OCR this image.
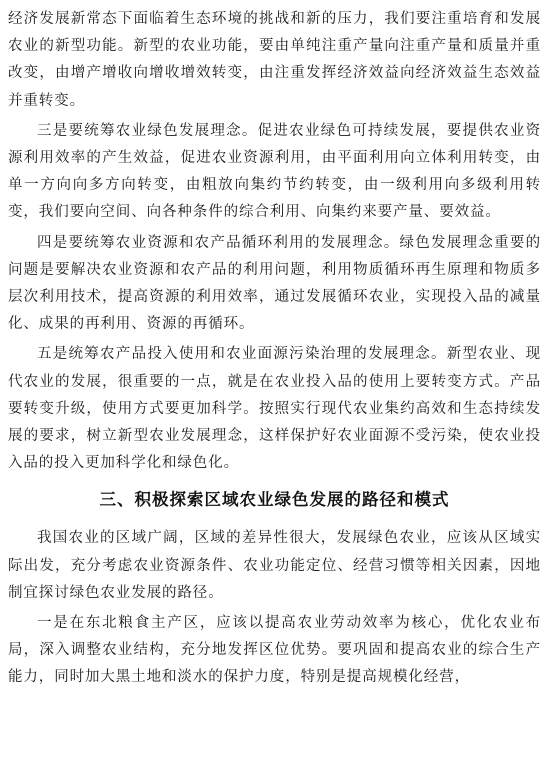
经济发展新常态下面临着生态环境的挑战和新的压力，我们要注重培育和发展农业的新型功能。新型的农业功能，要由单纯注重产量向注重产量和质量并重改变，由增产增收向增收增效转变，由注重发挥经济效益向经济效益生态效益并重转变。

三是要统筹农业绿色发展理念。促进农业绿色可持续发展，要提供农业资源利用效率的产生效益，促进农业资源利用，由平面利用向立体利用转变，由单一方向向多方向转变，由粗放向集约节约转变，由一级利用向多级利用转变，我们要向空间、向各种条件的综合利用、向集约来要产量、要效益。

四是要统筹农业资源和农产品循环利用的发展理念。绿色发展理念重要的问题是要解决农业资源和农产品的利用问题，利用物质循环再生原理和物质多层次利用技术，提高资源的利用效率，通过发展循环农业，实现投入品的减量化、成果的再利用、资源的再循环。

五是统筹农产品投入使用和农业面源污染治理的发展理念。新型农业、现代农业的发展，很重要的一点，就是在农业投入品的使用上要转变方式。产品要转变升级，使用方式要更加科学。按照实行现代农业集约高效和生态持续发展的要求，树立新型农业发展理念，这样保护好农业面源不受污染，使农业投入品的投入更加科学化和绿色化。

三、积极探索区域农业绿色发展的路径和模式

我国农业的区域广阔，区域的差异性很大，发展绿色农业，应该从区域实际出发，充分考虑农业资源条件、农业功能定位、经营习惯等相关因素，因地制宜探讨绿色农业发展的路径。

一是在东北粮食主产区，应该以提高农业劳动效率为核心，优化农业布局，深入调整农业结构，充分地发挥区位优势。要巩固和提高农业的综合生产能力，同时加大黑土地和淡水的保护力度，特别是提高规模化经营，
